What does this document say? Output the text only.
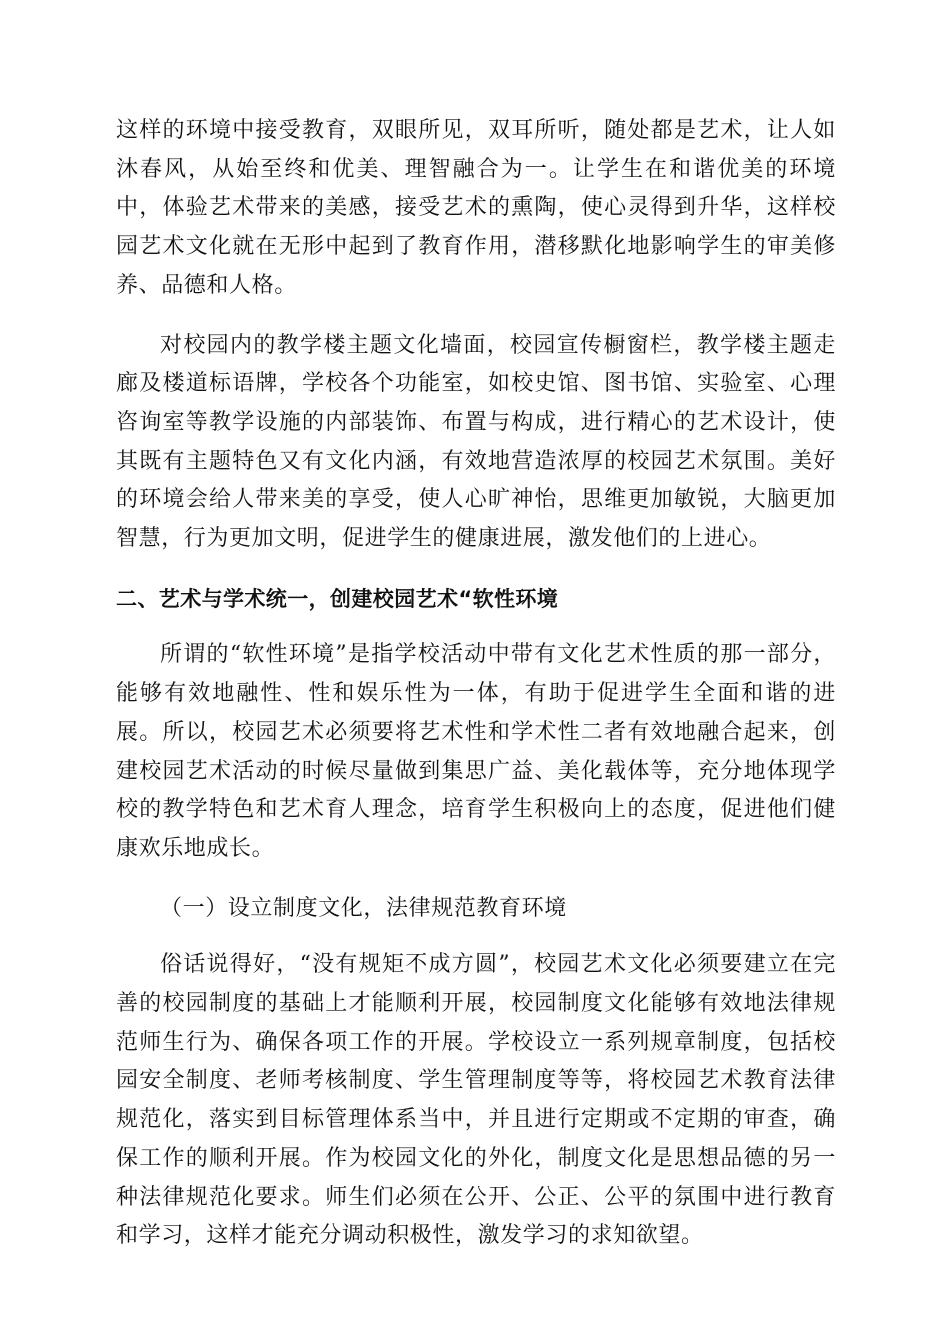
这样的环境中接受教育，双眼所见，双耳所听，随处都是艺术，让人如沐春风，从始至终和优美、理智融合为一。让学生在和谐优美的环境中，体验艺术带来的美感，接受艺术的熏陶，使心灵得到升华，这样校园艺术文化就在无形中起到了教育作用，潜移默化地影响学生的审美修养、品德和人格。

对校园内的教学楼主题文化墙面，校园宣传橱窗栏，教学楼主题走廊及楼道标语牌，学校各个功能室，如校史馆、图书馆、实验室、心理咨询室等教学设施的内部装饰、布置与构成，进行精心的艺术设计，使其既有主题特色又有文化内涵，有效地营造浓厚的校园艺术氛围。美好的环境会给人带来美的享受，使人心旷神怡，思维更加敏锐，大脑更加智慧，行为更加文明，促进学生的健康进展，激发他们的上进心。

二、艺术与学术统一，创建校园艺术“软性环境

所谓的“软性环境”是指学校活动中带有文化艺术性质的那一部分，能够有效地融性、性和娱乐性为一体，有助于促进学生全面和谐的进展。所以，校园艺术必须要将艺术性和学术性二者有效地融合起来，创建校园艺术活动的时候尽量做到集思广益、美化载体等，充分地体现学校的教学特色和艺术育人理念，培育学生积极向上的态度，促进他们健康欢乐地成长。

（一）设立制度文化，法律规范教育环境

俗话说得好，“没有规矩不成方圆”，校园艺术文化必须要建立在完善的校园制度的基础上才能顺利开展，校园制度文化能够有效地法律规范师生行为、确保各项工作的开展。学校设立一系列规章制度，包括校园安全制度、老师考核制度、学生管理制度等等，将校园艺术教育法律规范化，落实到目标管理体系当中，并且进行定期或不定期的审查，确保工作的顺利开展。作为校园文化的外化，制度文化是思想品德的另一种法律规范化要求。师生们必须在公开、公正、公平的氛围中进行教育和学习，这样才能充分调动积极性，激发学习的求知欲望。
